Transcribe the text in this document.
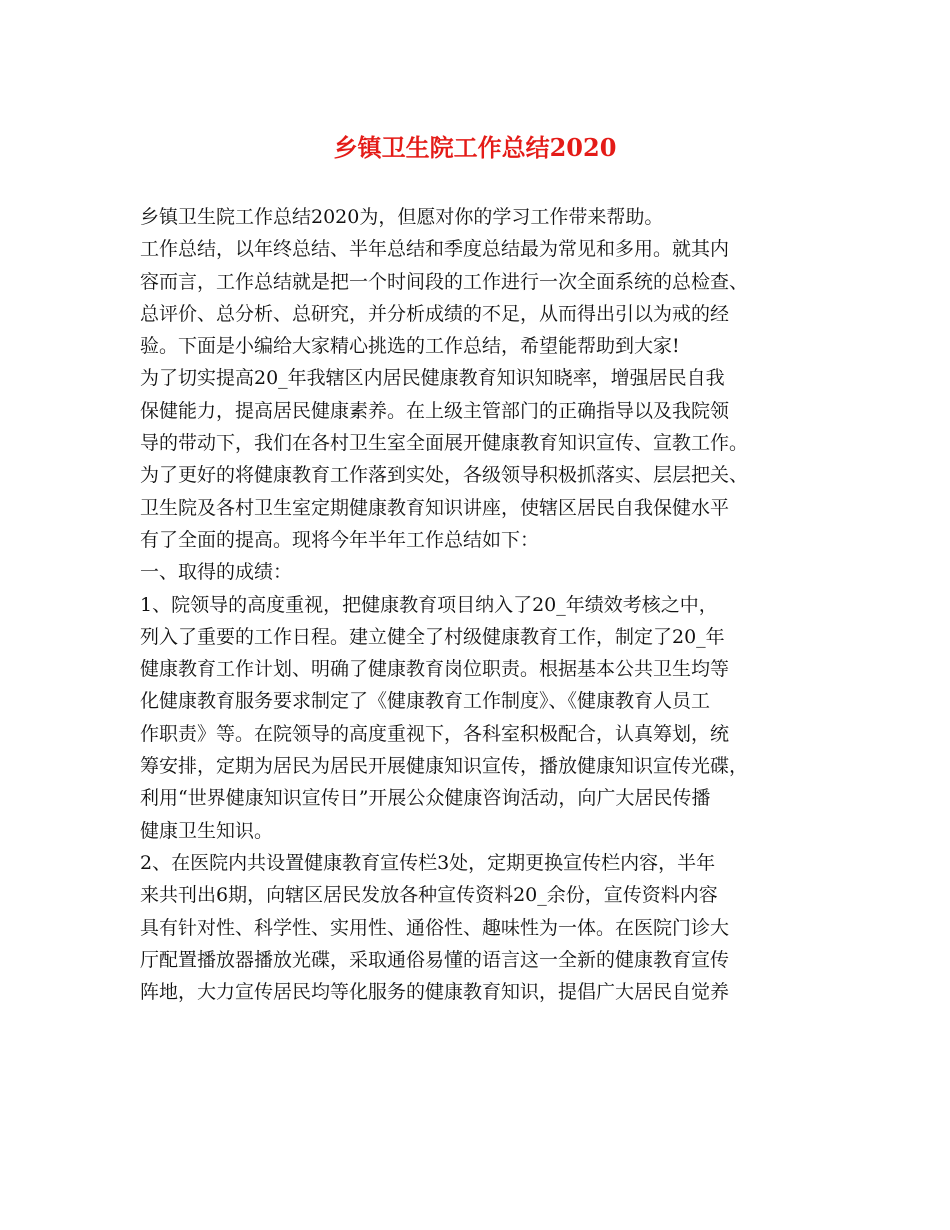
乡镇卫生院工作总结2020
乡镇卫生院工作总结2020为，但愿对你的学习工作带来帮助。
工作总结，以年终总结、半年总结和季度总结最为常见和多用。就其内
容而言，工作总结就是把一个时间段的工作进行一次全面系统的总检查、
总评价、总分析、总研究，并分析成绩的不足，从而得出引以为戒的经
验。下面是小编给大家精心挑选的工作总结，希望能帮助到大家!
为了切实提高20_年我辖区内居民健康教育知识知晓率，增强居民自我
保健能力，提高居民健康素养。在上级主管部门的正确指导以及我院领
导的带动下，我们在各村卫生室全面展开健康教育知识宣传、宣教工作。
为了更好的将健康教育工作落到实处，各级领导积极抓落实、层层把关、
卫生院及各村卫生室定期健康教育知识讲座，使辖区居民自我保健水平
有了全面的提高。现将今年半年工作总结如下：
一、取得的成绩：
1、院领导的高度重视，把健康教育项目纳入了20_年绩效考核之中，
列入了重要的工作日程。建立健全了村级健康教育工作，制定了20_年
健康教育工作计划、明确了健康教育岗位职责。根据基本公共卫生均等
化健康教育服务要求制定了《健康教育工作制度》、《健康教育人员工
作职责》等。在院领导的高度重视下，各科室积极配合，认真筹划，统
筹安排，定期为居民为居民开展健康知识宣传，播放健康知识宣传光碟，
利用“世界健康知识宣传日”开展公众健康咨询活动，向广大居民传播
健康卫生知识。
2、在医院内共设置健康教育宣传栏3处，定期更换宣传栏内容，半年
来共刊出6期，向辖区居民发放各种宣传资料20_余份，宣传资料内容
具有针对性、科学性、实用性、通俗性、趣味性为一体。在医院门诊大
厅配置播放器播放光碟，采取通俗易懂的语言这一全新的健康教育宣传
阵地，大力宣传居民均等化服务的健康教育知识，提倡广大居民自觉养
